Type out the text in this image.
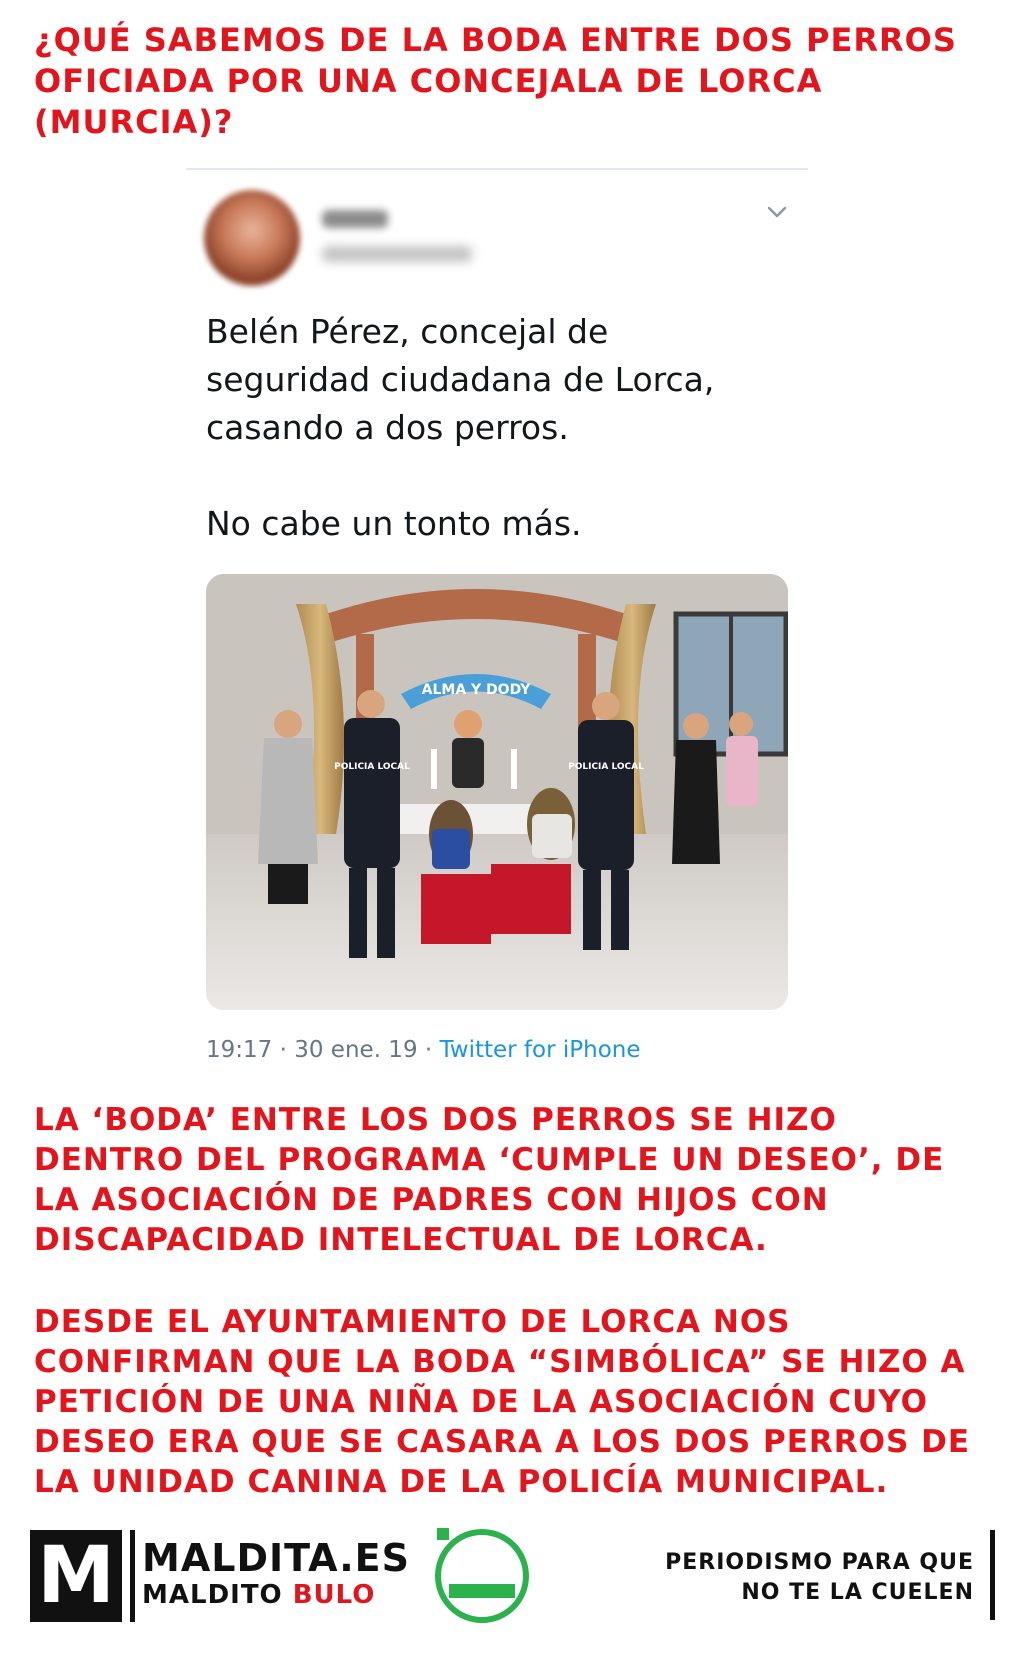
¿QUÉ SABEMOS DE LA BODA ENTRE DOS PERROS OFICIADA POR UNA CONCEJALA DE LORCA (MURCIA)?

Belén Pérez, concejal de

seguridad ciudadana de Lorca,

casando a dos perros.

No cabe un tonto más.

ALMA Y DODY
POLICIA LOCAL	POLICIA LOCAL
19:17 · 30 ene. 19 · Twitter for iPhone
LA ‘BODA’ ENTRE LOS DOS PERROS SE HIZO DENTRO DEL PROGRAMA ‘CUMPLE UN DESEO’, DE LA ASOCIACIÓN DE PADRES CON HIJOS CON DISCAPACIDAD INTELECTUAL DE LORCA.
DESDE EL AYUNTAMIENTO DE LORCA NOS CONFIRMAN QUE LA BODA “SIMBÓLICA” SE HIZO A PETICIÓN DE UNA NIÑA DE LA ASOCIACIÓN CUYO DESEO ERA QUE SE CASARA A LOS DOS PERROS DE LA UNIDAD CANINA DE LA POLICÍA MUNICIPAL.
M MALDITA.ES
MALDITO BULO
PERIODISMO PARA QUE
NO TE LA CUELEN
